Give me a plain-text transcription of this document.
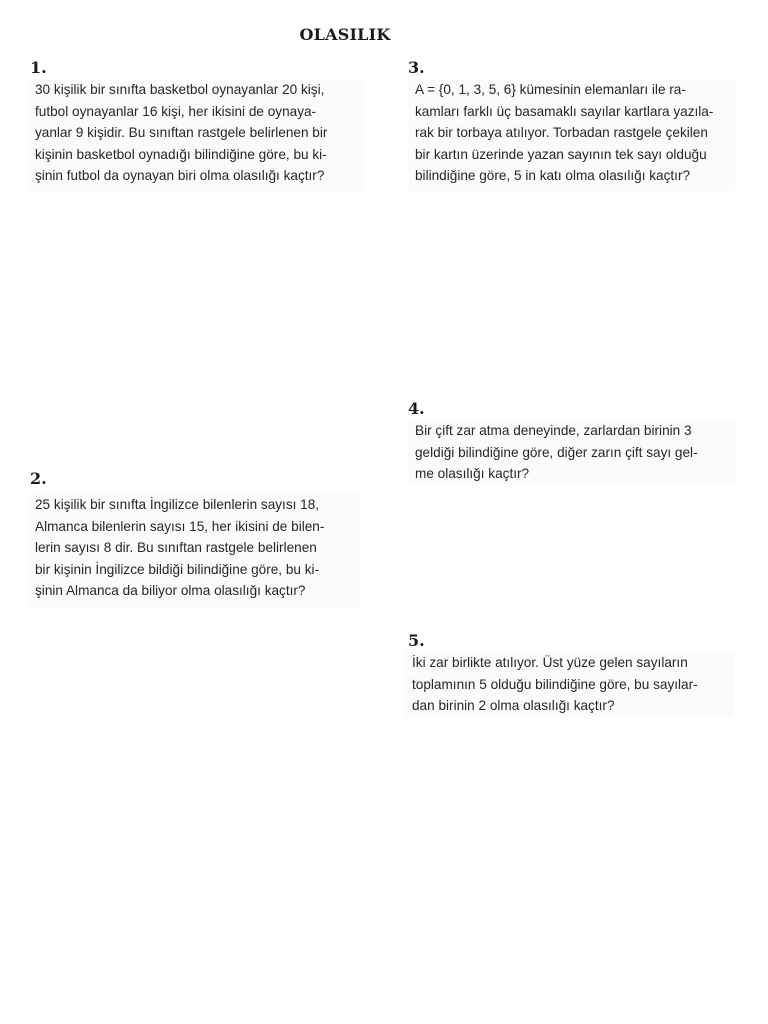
OLASILIK
1.
30 kişilik bir sınıfta basketbol oynayanlar 20 kişi,
futbol oynayanlar 16 kişi, her ikisini de oynaya-
yanlar 9 kişidir. Bu sınıftan rastgele belirlenen bir
kişinin basketbol oynadığı bilindiğine göre, bu ki-
şinin futbol da oynayan biri olma olasılığı kaçtır?
2.
25 kişilik bir sınıfta İngilizce bilenlerin sayısı 18,
Almanca bilenlerin sayısı 15, her ikisini de bilen-
lerin sayısı 8 dir. Bu sınıftan rastgele belirlenen
bir kişinin İngilizce bildiği bilindiğine göre, bu ki-
şinin Almanca da biliyor olma olasılığı kaçtır?
3.
A = {0, 1, 3, 5, 6} kümesinin elemanları ile ra-
kamları farklı üç basamaklı sayılar kartlara yazıla-
rak bir torbaya atılıyor. Torbadan rastgele çekilen
bir kartın üzerinde yazan sayının tek sayı olduğu
bilindiğine göre, 5 in katı olma olasılığı kaçtır?
4.
Bir çift zar atma deneyinde, zarlardan birinin 3
geldiği bilindiğine göre, diğer zarın çift sayı gel-
me olasılığı kaçtır?
5.
İki zar birlikte atılıyor. Üst yüze gelen sayıların
toplamının 5 olduğu bilindiğine göre, bu sayılar-
dan birinin 2 olma olasılığı kaçtır?
